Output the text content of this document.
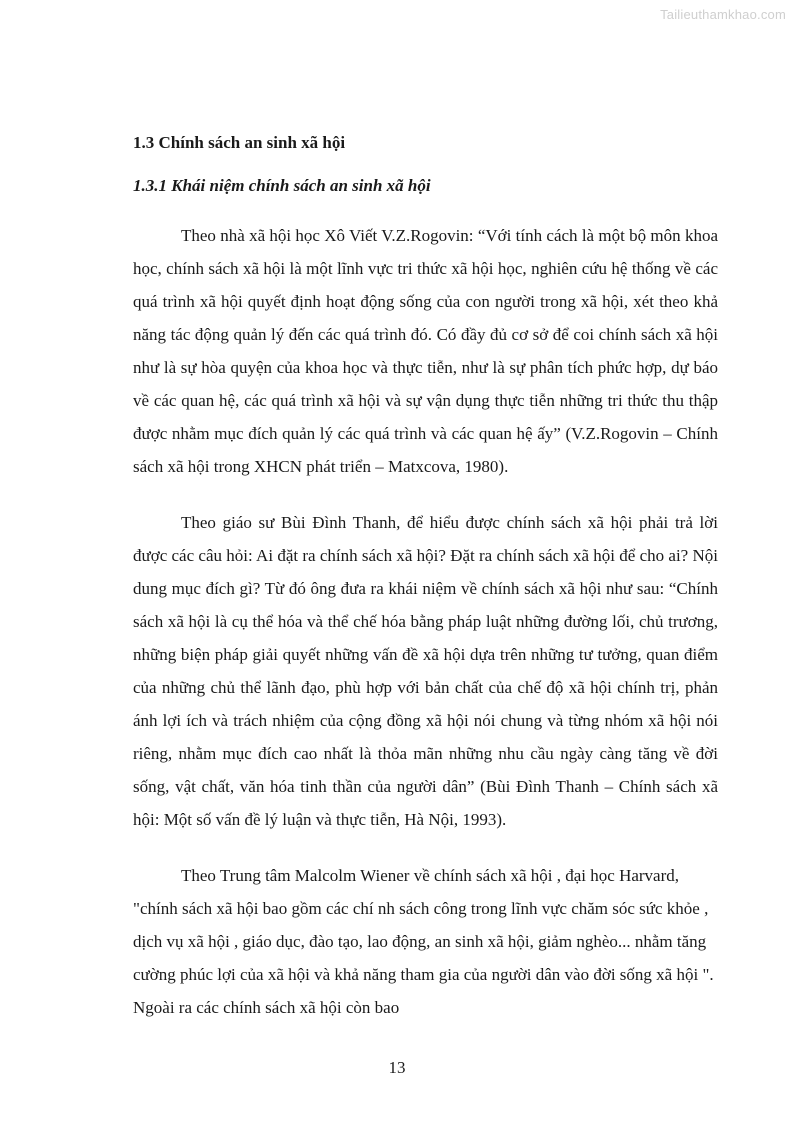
Tailieuthamkhao.com
1.3 Chính sách an sinh xã hội
1.3.1 Khái niệm chính sách an sinh xã hội

Theo nhà xã hội học Xô Viết V.Z.Rogovin: “Với tính cách là một bộ môn khoa học, chính sách xã hội là một lĩnh vực tri thức xã hội học, nghiên cứu hệ thống về các quá trình xã hội quyết định hoạt động sống của con người trong xã hội, xét theo khả năng tác động quản lý đến các quá trình đó. Có đầy đủ cơ sở để coi chính sách xã hội như là sự hòa quyện của khoa học và thực tiễn, như là sự phân tích phức hợp, dự báo về các quan hệ, các quá trình xã hội và sự vận dụng thực tiễn những tri thức thu thập được nhằm mục đích quản lý các quá trình và các quan hệ ấy” (V.Z.Rogovin – Chính sách xã hội trong XHCN phát triển – Matxcova, 1980).

Theo giáo sư Bùi Đình Thanh, để hiểu được chính sách xã hội phải trả lời được các câu hỏi: Ai đặt ra chính sách xã hội? Đặt ra chính sách xã hội để cho ai? Nội dung mục đích gì? Từ đó ông đưa ra khái niệm về chính sách xã hội như sau: “Chính sách xã hội là cụ thể hóa và thể chế hóa bằng pháp luật những đường lối, chủ trương, những biện pháp giải quyết những vấn đề xã hội dựa trên những tư tưởng, quan điểm của những chủ thể lãnh đạo, phù hợp với bản chất của chế độ xã hội chính trị, phản ánh lợi ích và trách nhiệm của cộng đồng xã hội nói chung và từng nhóm xã hội nói riêng, nhằm mục đích cao nhất là thỏa mãn những nhu cầu ngày càng tăng về đời sống, vật chất, văn hóa tinh thần của người dân” (Bùi Đình Thanh – Chính sách xã hội: Một số vấn đề lý luận và thực tiễn, Hà Nội, 1993).

Theo Trung tâm Malcolm Wiener về chính sách xã hội , đại học Harvard, "chính sách xã hội bao gồm các chí nh sách công trong lĩnh vực chăm sóc sức khỏe , dịch vụ xã hội , giáo dục, đào tạo, lao động, an sinh xã hội, giảm nghèo... nhằm tăng cường phúc lợi của xã hội và khả năng tham gia của người dân vào đời sống xã hội ". Ngoài ra các chính sách xã hội còn bao

13
